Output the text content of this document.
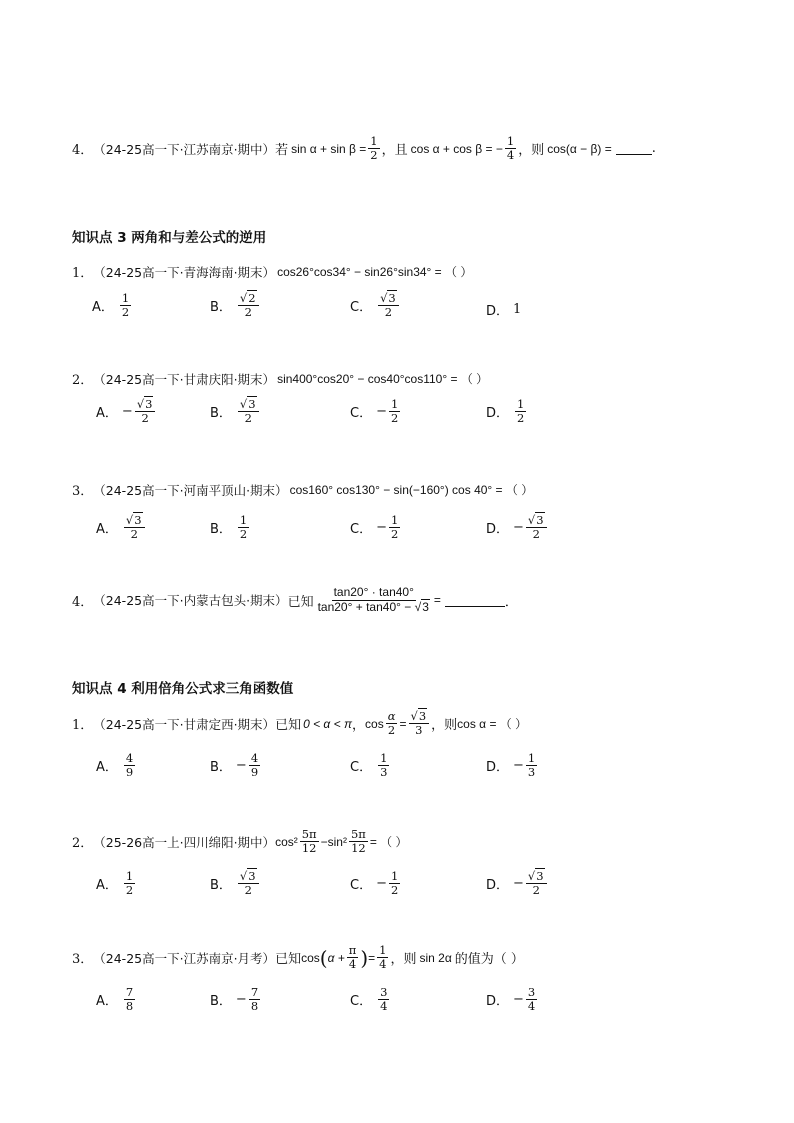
4． （24-25高一下·江苏南京·期中） 若 $\sin \alpha + \sin \beta = \frac{1}{2}$ ，且 cos α + cos β = − $\frac{1}{4}$ ，则 cos(α − β) =	.
知识点 3 两角和与差公式的逆用
1． （24-25高一下·青海海南·期末） cos26°cos34° − sin26°sin34° = （ ）
A． $\frac{1}{2}$	B． $\frac{√2}{2}$	C． $\frac{√3}{2}$	D． 1
2． （24-25高一下·甘肃庆阳·期末） sin400°cos20° − cos40°cos110° = （ ）
A． − $\frac{√3}{2}$	B． $\frac{√3}{2}$	C． − $\frac{1}{2}$	D． $\frac{1}{2}$
3． （24-25高一下·河南平顶山·期末） cos160° cos130° − sin(−160°) cos 40° = （ ）
A． $\frac{√3}{2}$	B． $\frac{1}{2}$	C． − $\frac{1}{2}$	D． − $\frac{√3}{2}$
4． （24-25高一下·内蒙古包头·期末） 已知 $\frac{\tan 20^\circ \cdot \tan 40^\circ}{\tan 20^\circ + \tan 40^\circ - √3}$ =	．
知识点 4 利用倍角公式求三角函数值
1． （24-25高一下·甘肃定西·期末） 已知 0 < α < π ， $\cos \frac{\alpha}{2} = \frac{√3}{3}$ ，则 cos α = （ ）
A． $\frac{4}{9}$	B． − $\frac{4}{9}$	C． $\frac{1}{3}$	D． − $\frac{1}{3}$
2． （25-26高一上·四川绵阳·期中） $\cos^2 \frac{5\pi}{12} -\sin^2 \frac{5\pi}{12}$ = （ ）
A． $\frac{1}{2}$	B． $\frac{√3}{2}$	C． − $\frac{1}{2}$	D． − $\frac{√3}{2}$
3． （24-25高一下·江苏南京·月考） 已知 cos ( $\alpha + \frac{\pi}{4}$ ) = $\frac{1}{4}$ ，则 sin 2α 的值为（ ）
A． $\frac{7}{8}$	B． − $\frac{7}{8}$	C． $\frac{3}{4}$	D． − $\frac{3}{4}$
